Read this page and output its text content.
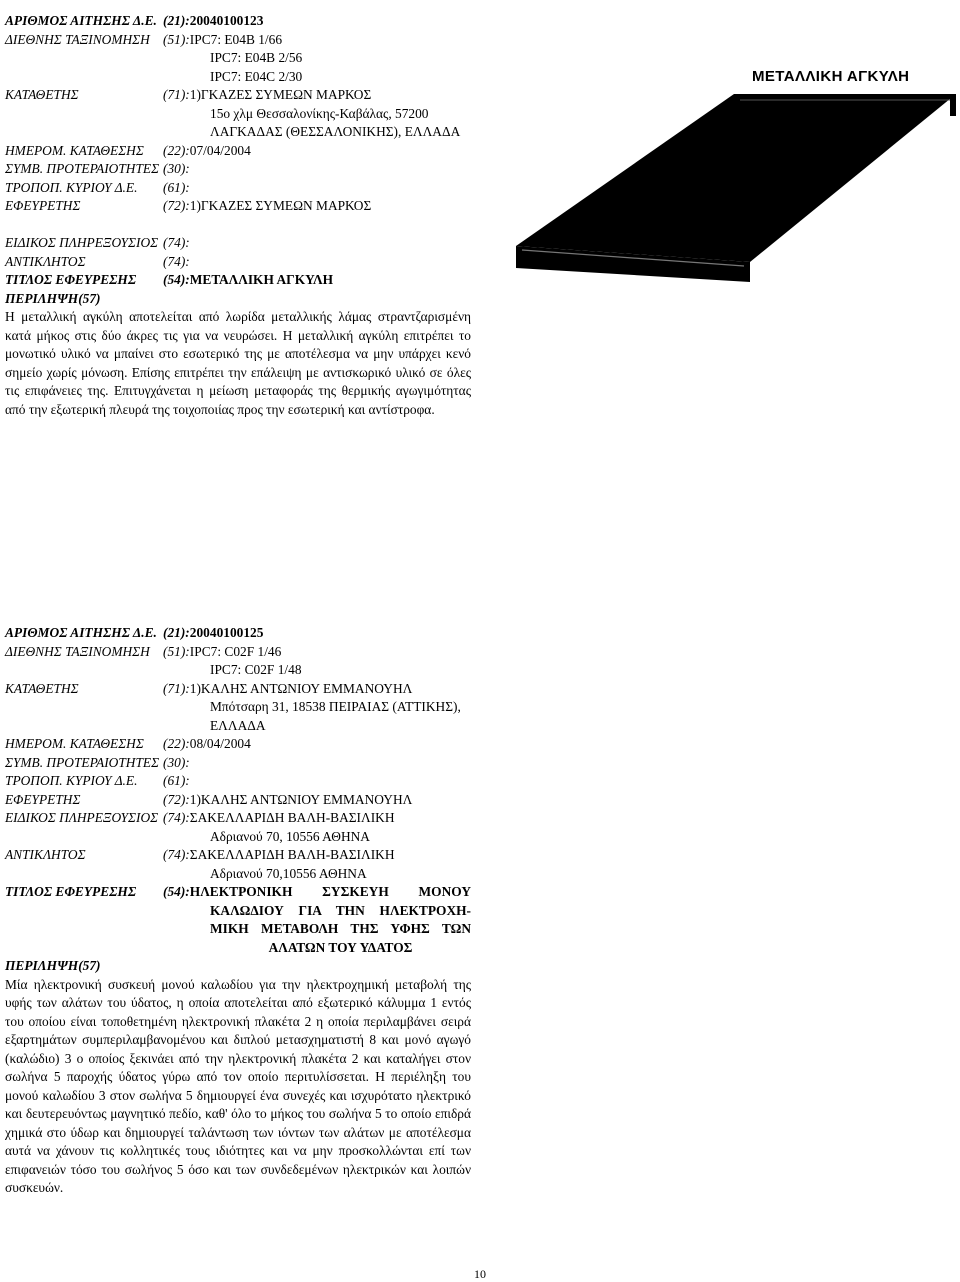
ΑΡΙΘΜΟΣ ΑΙΤΗΣΗΣ Δ.Ε. (21):20040100123
ΔΙΕΘΝΗΣ ΤΑΞΙΝΟΜΗΣΗ (51):IPC7: E04B 1/66
IPC7: E04B 2/56
IPC7: E04C 2/30
ΚΑΤΑΘΕΤΗΣ	(71):1)ΓΚΑΖΕΣ ΣΥΜΕΩΝ ΜΑΡΚΟΣ
15ο χλμ Θεσσαλονίκης-Καβάλας, 57200
ΛΑΓΚΑΔΑΣ (ΘΕΣΣΑΛΟΝΙΚΗΣ), ΕΛΛΑΔΑ
ΗΜΕΡΟΜ. ΚΑΤΑΘΕΣΗΣ	(22):07/04/2004
ΣΥΜΒ. ΠΡΟΤΕΡΑΙΟΤΗΤΕΣ (30):
ΤΡΟΠΟΠ. ΚΥΡΙΟΥ Δ.Ε.	(61):
ΕΦΕΥΡΕΤΗΣ	(72):1)ΓΚΑΖΕΣ ΣΥΜΕΩΝ ΜΑΡΚΟΣ
ΕΙΔΙΚΟΣ ΠΛΗΡΕΞΟΥΣΙΟΣ (74):
ΑΝΤΙΚΛΗΤΟΣ	(74):
ΤΙΤΛΟΣ ΕΦΕΥΡΕΣΗΣ	(54):ΜΕΤΑΛΛΙΚΗ ΑΓΚΥΛΗ
ΠΕΡΙΛΗΨΗ(57)
Η μεταλλική αγκύλη αποτελείται από λωρίδα μεταλλικής λάμας στραντζαρισμένη κατά μήκος στις δύο άκρες τις για να νευρώσει. Η μεταλλική αγκύλη επιτρέπει το μονωτικό υλικό να μπαίνει στο εσωτερικό της με αποτέλεσμα να μην υπάρχει κενό σημείο χωρίς μόνωση. Επίσης επιτρέπει την επάλειψη με αντισκωρικό υλικό σε όλες τις επιφάνειες της. Επιτυγχάνεται η μείωση μεταφοράς της θερμικής αγωγιμότητας από την εξωτερική πλευρά της τοιχοποιίας προς την εσωτερική και αντίστροφα.
ΜΕΤΑΛΛΙΚΗ ΑΓΚΥΛΗ
ΑΡΙΘΜΟΣ ΑΙΤΗΣΗΣ Δ.Ε. (21):20040100125
ΔΙΕΘΝΗΣ ΤΑΞΙΝΟΜΗΣΗ (51):IPC7: C02F 1/46
IPC7: C02F 1/48
ΚΑΤΑΘΕΤΗΣ	(71):1)ΚΑΛΗΣ ΑΝΤΩΝΙΟΥ ΕΜΜΑΝΟΥΗΛ
Μπότσαρη 31, 18538 ΠΕΙΡΑΙΑΣ (ΑΤΤΙΚΗΣ),
ΕΛΛΑΔΑ
ΗΜΕΡΟΜ. ΚΑΤΑΘΕΣΗΣ	(22):08/04/2004
ΣΥΜΒ. ΠΡΟΤΕΡΑΙΟΤΗΤΕΣ (30):
ΤΡΟΠΟΠ. ΚΥΡΙΟΥ Δ.Ε.	(61):
ΕΦΕΥΡΕΤΗΣ	(72):1)ΚΑΛΗΣ ΑΝΤΩΝΙΟΥ ΕΜΜΑΝΟΥΗΛ
ΕΙΔΙΚΟΣ ΠΛΗΡΕΞΟΥΣΙΟΣ (74):ΣΑΚΕΛΛΑΡΙΔΗ ΒΑΛΗ-ΒΑΣΙΛΙΚΗ
Αδριανού 70, 10556 ΑΘΗΝΑ
ΑΝΤΙΚΛΗΤΟΣ	(74):ΣΑΚΕΛΛΑΡΙΔΗ ΒΑΛΗ-ΒΑΣΙΛΙΚΗ
Αδριανού 70,10556 ΑΘΗΝΑ
ΤΙΤΛΟΣ ΕΦΕΥΡΕΣΗΣ	(54): ΗΛΕΚΤΡΟΝΙΚΗ ΣΥΣΚΕΥΗ ΜΟΝΟΥ
ΚΑΛΩΔΙΟΥ ΓΙΑ ΤΗΝ ΗΛΕΚΤΡΟΧΗ-
ΜΙΚΗ ΜΕΤΑΒΟΛΗ ΤΗΣ ΥΦΗΣ ΤΩΝ
ΑΛΑΤΩΝ ΤΟΥ ΥΔΑΤΟΣ
ΠΕΡΙΛΗΨΗ(57)
Μία ηλεκτρονική συσκευή μονού καλωδίου για την ηλεκτροχημική μεταβολή της υφής των αλάτων του ύδατος, η οποία αποτελείται από εξωτερικό κάλυμμα 1 εντός του οποίου είναι τοποθετημένη ηλεκτρονική πλακέτα 2 η οποία περιλαμβάνει σειρά εξαρτημάτων συμπεριλαμβανομένου και διπλού μετασχηματιστή 8 και μονό αγωγό (καλώδιο) 3 ο οποίος ξεκινάει από την ηλεκτρονική πλακέτα 2 και καταλήγει στον σωλήνα 5 παροχής ύδατος γύρω από τον οποίο περιτυλίσσεται. Η περιέληξη του μονού καλωδίου 3 στον σωλήνα 5 δημιουργεί ένα συνεχές και ισχυρότατο ηλεκτρικό και δευτερευόντως μαγνητικό πεδίο, καθ' όλο το μήκος του σωλήνα 5 το οποίο επιδρά χημικά στο ύδωρ και δημιουργεί ταλάντωση των ιόντων των αλάτων με αποτέλεσμα αυτά να χάνουν τις κολλητικές τους ιδιότητες και να μην προσκολλώνται επί των επιφανειών τόσο του σωλήνος 5 όσο και των συνδεδεμένων ηλεκτρικών και λοιπών συσκευών.
10
